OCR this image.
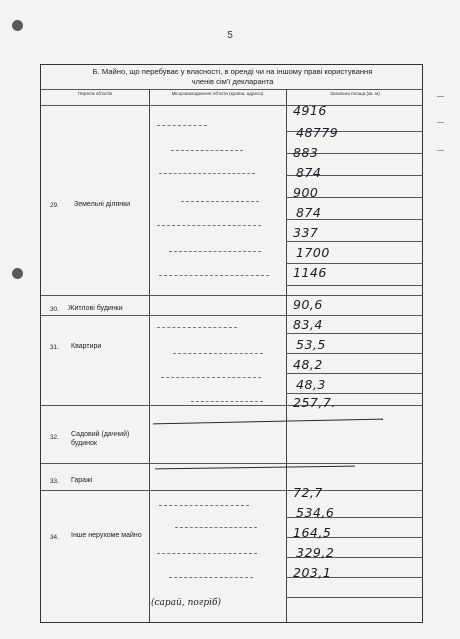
5
Б. Майно, що перебуває у власності, в оренді чи на іншому праві користування
членів сім'ї декларанта
Перелік об'єктів	Місцезнаходження об'єкта (країна, адреса)	Загальна площа (кв. м)
29. Земельні ділянки
30. Житлові будинки
31. Квартири
32. Садовий (дачний) будинок
33. Гаражі
34. Інше нерухоме майно
4916
48779
883
874
900
874
337
1700
1146
90,6
83,4
53,5
48,2
48,3
257,7.
72,7
534,6
164,5
329,2
203,1
(сарай, погріб)
